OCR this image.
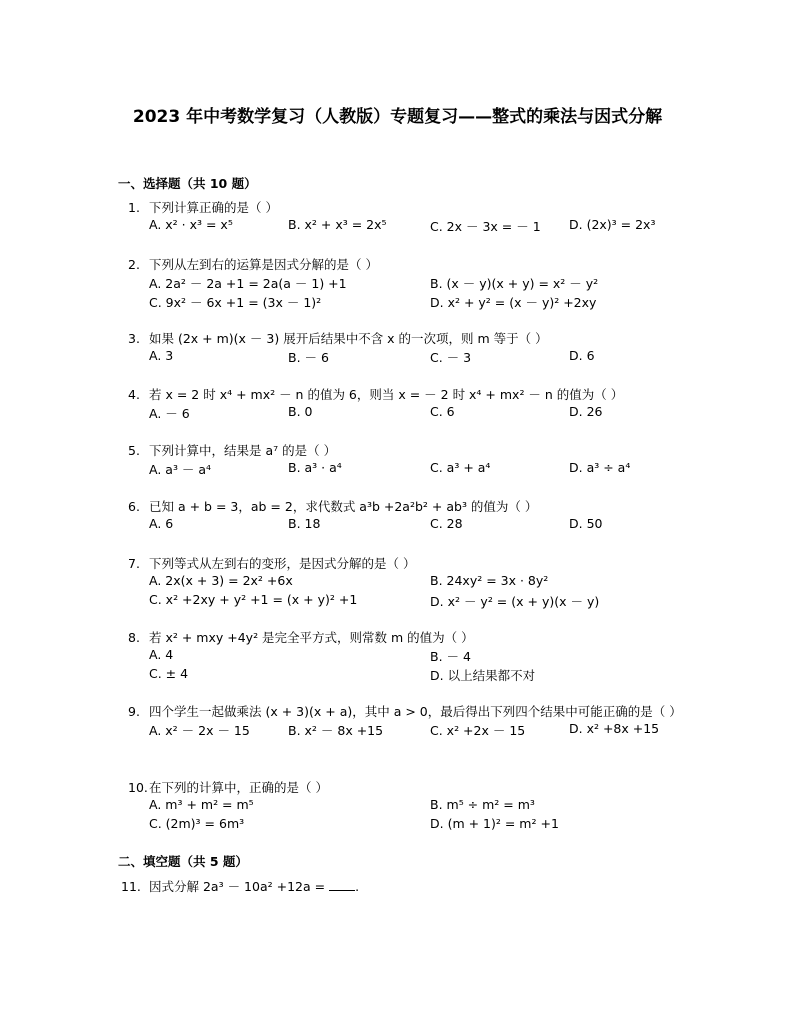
2023 年中考数学复习（人教版）专题复习——整式的乘法与因式分解
一、选择题（共 10 题）
1. 下列计算正确的是（ ）
A. x² · x³ = x⁵	B. x² + x³ = 2x⁵	C. 2x － 3x = － 1 D. (2x)³ = 2x³
2. 下列从左到右的运算是因式分解的是（ ）
A. 2a² － 2a +1 = 2a(a － 1) +1	B. (x － y)(x + y) = x² － y²
C. 9x² － 6x +1 = (3x － 1)²	D. x² + y² = (x － y)² +2xy
3. 如果 (2x + m)(x － 3) 展开后结果中不含 x 的一次项，则 m 等于（ ）
A. 3	B. － 6	C. － 3	D. 6
4. 若 x = 2 时 x⁴ + mx² － n 的值为 6，则当 x = － 2 时 x⁴ + mx² － n 的值为（ ）
A. － 6	B. 0	C. 6	D. 26
5. 下列计算中，结果是 a⁷ 的是（ ）
A. a³ － a⁴	B. a³ · a⁴	C. a³ + a⁴	D. a³ ÷ a⁴
6. 已知 a + b = 3，ab = 2，求代数式 a³b +2a²b² + ab³ 的值为（ ）
A. 6	B. 18	C. 28	D. 50
7. 下列等式从左到右的变形，是因式分解的是（ ）
A. 2x(x + 3) = 2x² +6x	B. 24xy² = 3x · 8y²
C. x² +2xy + y² +1 = (x + y)² +1	D. x² － y² = (x + y)(x － y)
8. 若 x² + mxy +4y² 是完全平方式，则常数 m 的值为（ ）
A. 4	B. － 4
C. ± 4	D. 以上结果都不对
9. 四个学生一起做乘法 (x + 3)(x + a)，其中 a > 0，最后得出下列四个结果中可能正确的是（ ）
A. x² － 2x － 15	B. x² － 8x +15	C. x² +2x － 15	D. x² +8x +15
10.在下列的计算中，正确的是（ ）
A. m³ + m² = m⁵	B. m⁵ ÷ m² = m³
C. (2m)³ = 6m³	D. (m + 1)² = m² +1
二、填空题（共 5 题）
11. 因式分解 2a³ － 10a² +12a = .
